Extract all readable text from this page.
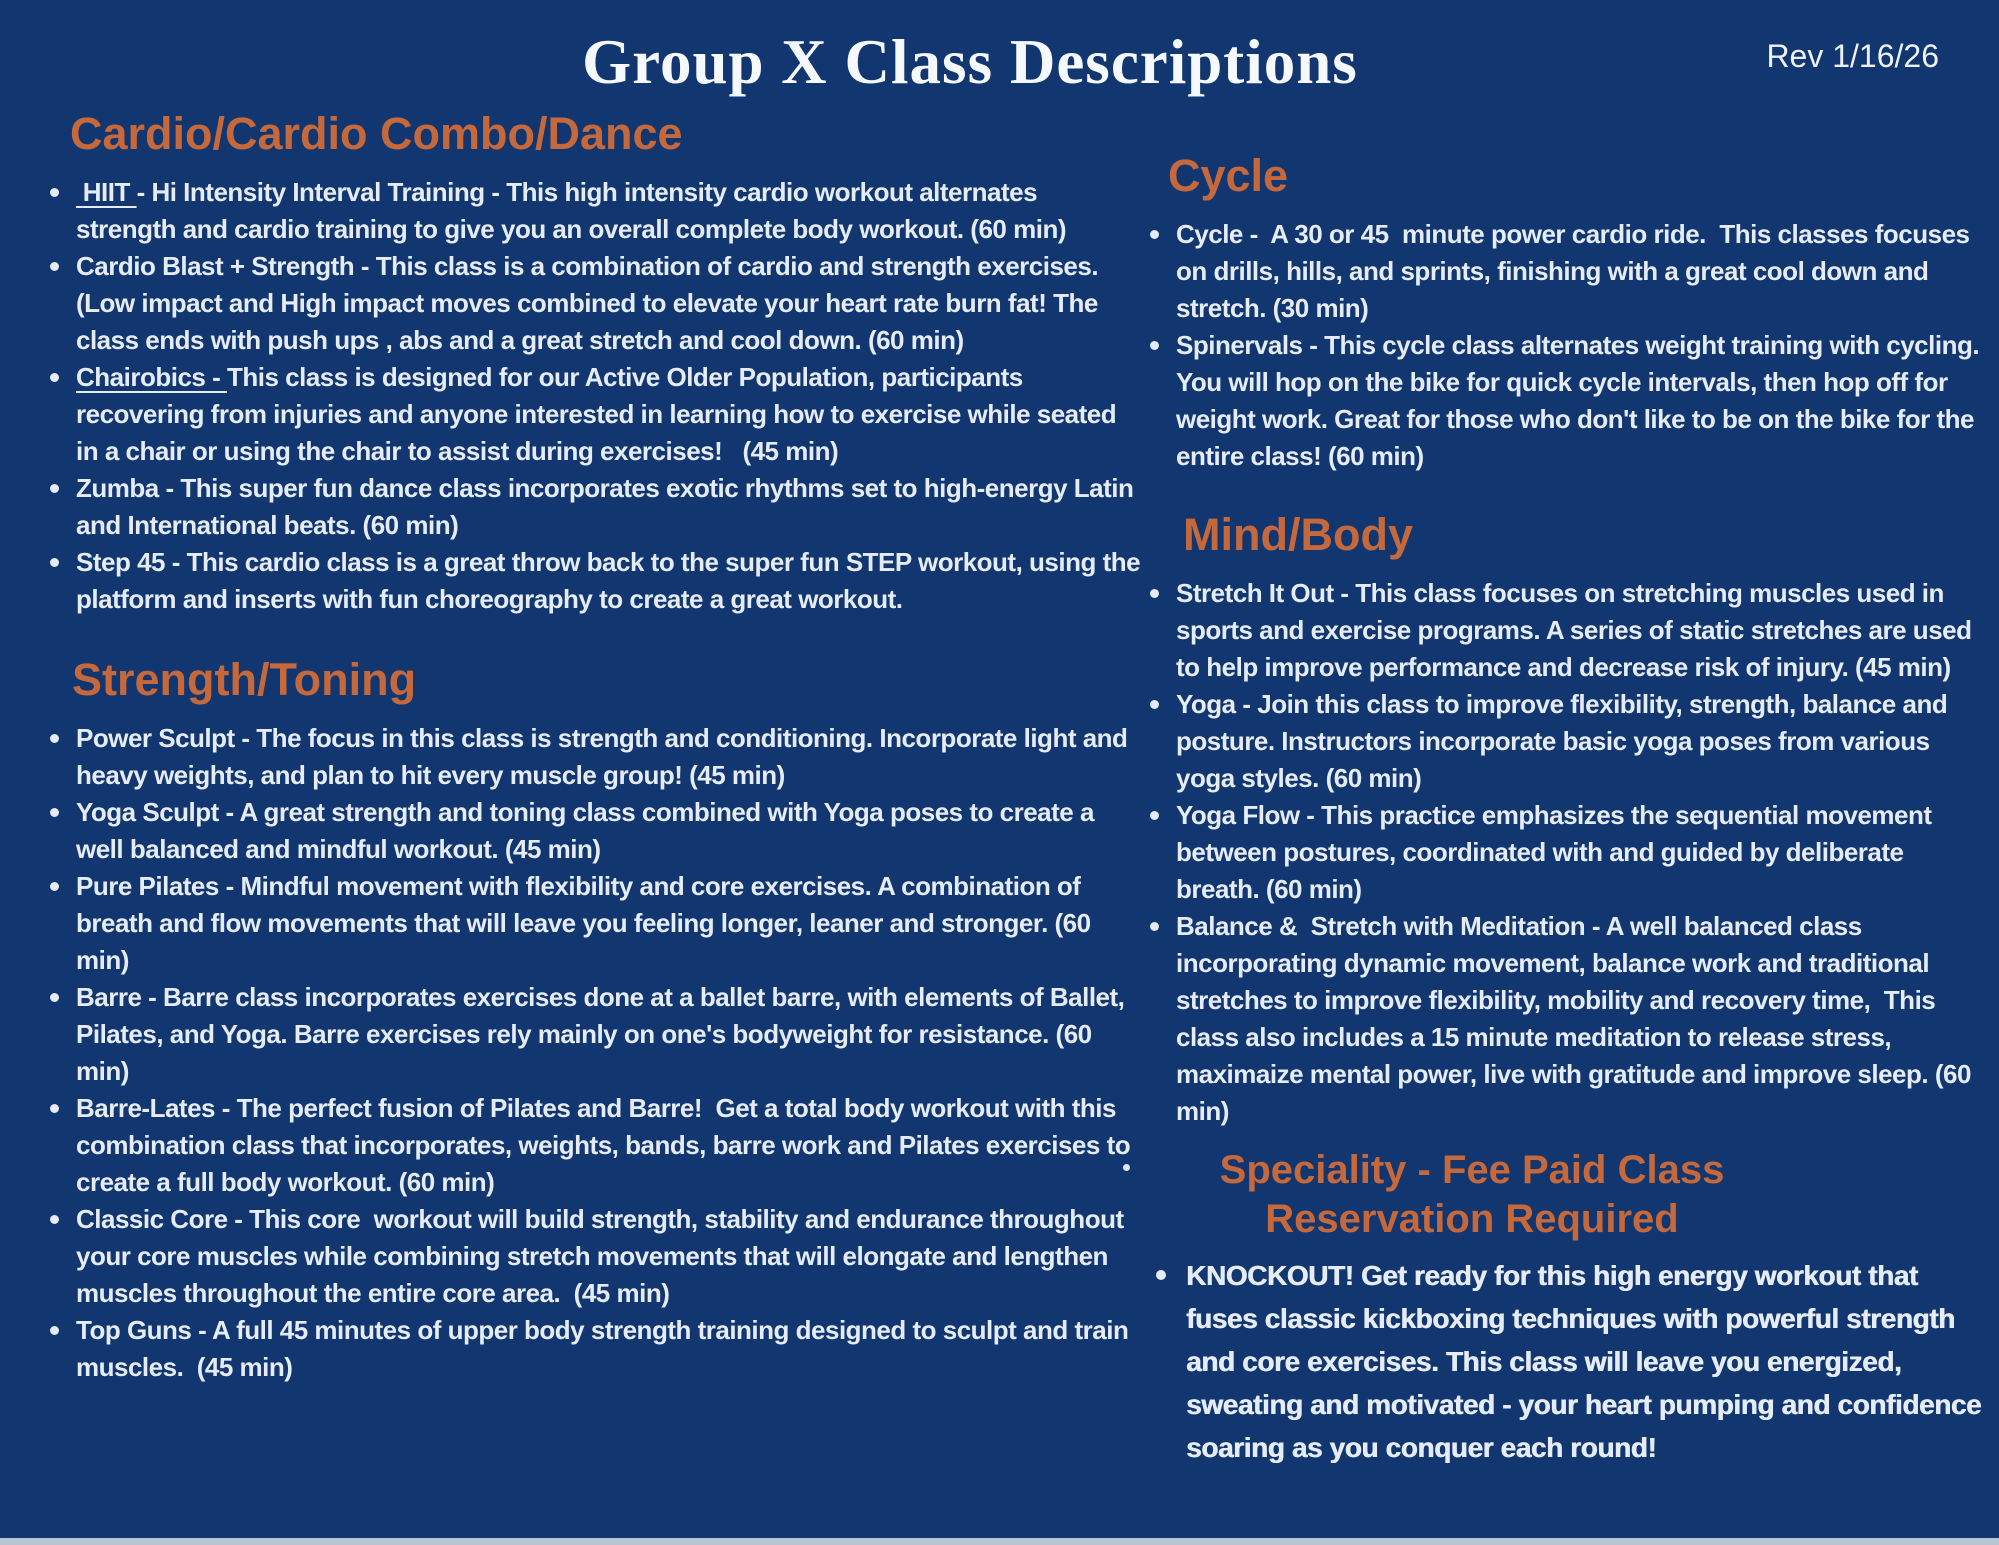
Group X Class Descriptions	Rev 1/16/26
Cardio/Cardio Combo/Dance
HIIT - Hi Intensity Interval Training - This high intensity cardio workout alternates strength and cardio training to give you an overall complete body workout. (60 min)
Cardio Blast + Strength - This class is a combination of cardio and strength exercises. (Low impact and High impact moves combined to elevate your heart rate burn fat! The class ends with push ups , abs and a great stretch and cool down. (60 min)
Chairobics - This class is designed for our Active Older Population, participants recovering from injuries and anyone interested in learning how to exercise while seated in a chair or using the chair to assist during exercises!   (45 min)
Zumba - This super fun dance class incorporates exotic rhythms set to high-energy Latin and International beats. (60 min)
Step 45 - This cardio class is a great throw back to the super fun STEP workout, using the platform and inserts with fun choreography to create a great workout.
Strength/Toning
Power Sculpt - The focus in this class is strength and conditioning. Incorporate light and heavy weights, and plan to hit every muscle group! (45 min)
Yoga Sculpt - A great strength and toning class combined with Yoga poses to create a well balanced and mindful workout. (45 min)
Pure Pilates - Mindful movement with flexibility and core exercises. A combination of breath and flow movements that will leave you feeling longer, leaner and stronger. (60 min)
Barre - Barre class incorporates exercises done at a ballet barre, with elements of Ballet, Pilates, and Yoga. Barre exercises rely mainly on one's bodyweight for resistance. (60 min)
Barre-Lates - The perfect fusion of Pilates and Barre!  Get a total body workout with this combination class that incorporates, weights, bands, barre work and Pilates exercises to create a full body workout. (60 min)
Classic Core - This core  workout will build strength, stability and endurance throughout your core muscles while combining stretch movements that will elongate and lengthen muscles throughout the entire core area.  (45 min)
Top Guns - A full 45 minutes of upper body strength training designed to sculpt and train muscles.  (45 min)
Cycle
Cycle -  A 30 or 45  minute power cardio ride.  This classes focuses on drills, hills, and sprints, finishing with a great cool down and stretch. (30 min)
Spinervals - This cycle class alternates weight training with cycling. You will hop on the bike for quick cycle intervals, then hop off for weight work. Great for those who don't like to be on the bike for the entire class! (60 min)
Mind/Body
Stretch It Out - This class focuses on stretching muscles used in sports and exercise programs. A series of static stretches are used to help improve performance and decrease risk of injury. (45 min)
Yoga - Join this class to improve flexibility, strength, balance and posture. Instructors incorporate basic yoga poses from various yoga styles. (60 min)
Yoga Flow - This practice emphasizes the sequential movement between postures, coordinated with and guided by deliberate breath. (60 min)
Balance &  Stretch with Meditation - A well balanced class incorporating dynamic movement, balance work and traditional stretches to improve flexibility, mobility and recovery time,  This class also includes a 15 minute meditation to release stress, maximaize mental power, live with gratitude and improve sleep. (60 min)
Speciality - Fee Paid Class
Reservation Required
KNOCKOUT! Get ready for this high energy workout that fuses classic kickboxing techniques with powerful strength and core exercises. This class will leave you energized, sweating and motivated - your heart pumping and confidence soaring as you conquer each round!
